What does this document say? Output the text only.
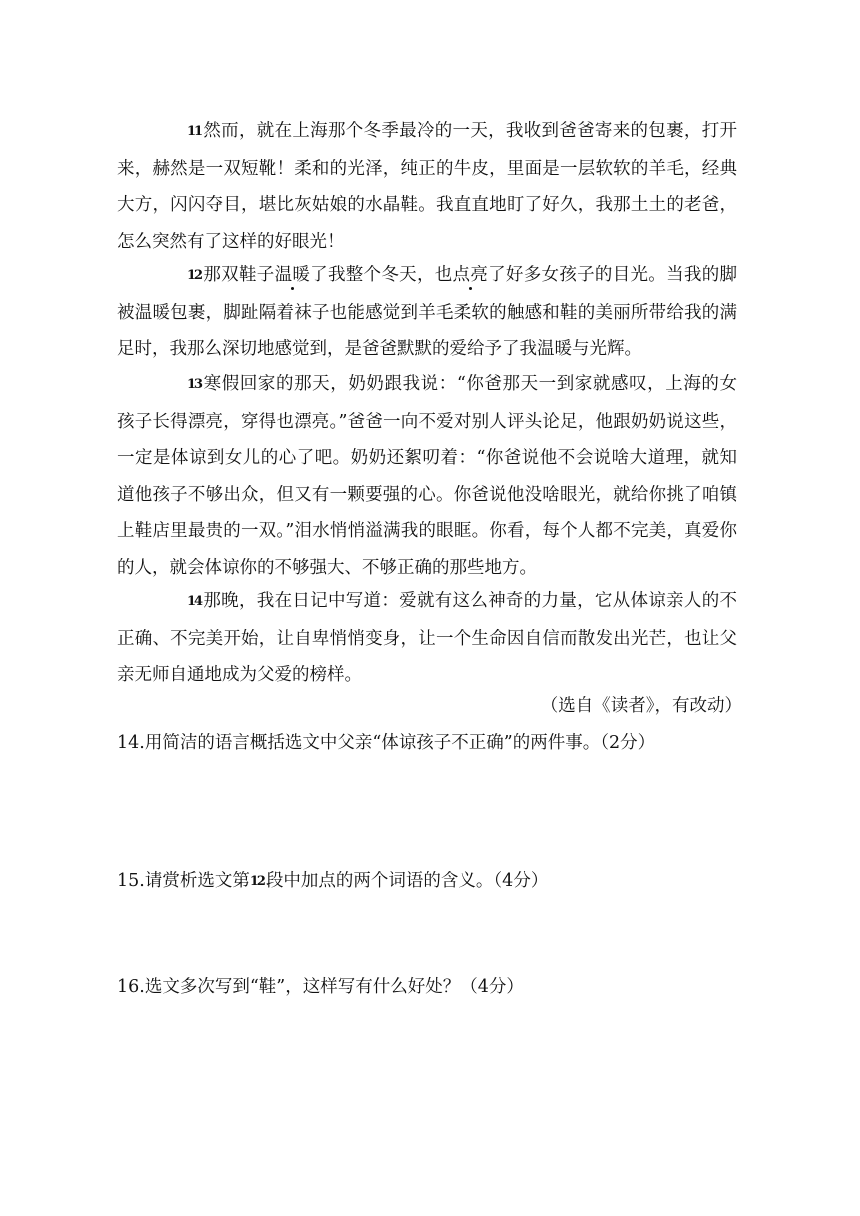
11 然而，就在上海那个冬季最冷的一天，我收到爸爸寄来的包裹，打开来，赫然是一双短靴！柔和的光泽，纯正的牛皮，里面是一层软软的羊毛，经典大方，闪闪夺目，堪比灰姑娘的水晶鞋。我直直地盯了好久，我那土土的老爸，怎么突然有了这样的好眼光！

12 那双鞋子温暖了我整个冬天，也点亮了好多女孩子的目光。当我的脚被温暖包裹，脚趾隔着袜子也能感觉到羊毛柔软的触感和鞋的美丽所带给我的满足时，我那么深切地感觉到，是爸爸默默的爱给予了我温暖与光辉。

13 寒假回家的那天，奶奶跟我说：“你爸那天一到家就感叹，上海的女孩子长得漂亮，穿得也漂亮。”爸爸一向不爱对别人评头论足，他跟奶奶说这些，一定是体谅到女儿的心了吧。奶奶还絮叨着：“你爸说他不会说啥大道理，就知道他孩子不够出众，但又有一颗要强的心。你爸说他没啥眼光，就给你挑了咱镇上鞋店里最贵的一双。”泪水悄悄溢满我的眼眶。你看，每个人都不完美，真爱你的人，就会体谅你的不够强大、不够正确的那些地方。

14 那晚，我在日记中写道：爱就有这么神奇的力量，它从体谅亲人的不正确、不完美开始，让自卑悄悄变身，让一个生命因自信而散发出光芒，也让父亲无师自通地成为父爱的榜样。

（选自《读者》，有改动）

14.用简洁的语言概括选文中父亲“体谅孩子不正确”的两件事。（2分）

15.请赏析选文第12 段中加点的两个词语的含义。（4分）

16.选文多次写到“鞋”，这样写有什么好处？（4分）
